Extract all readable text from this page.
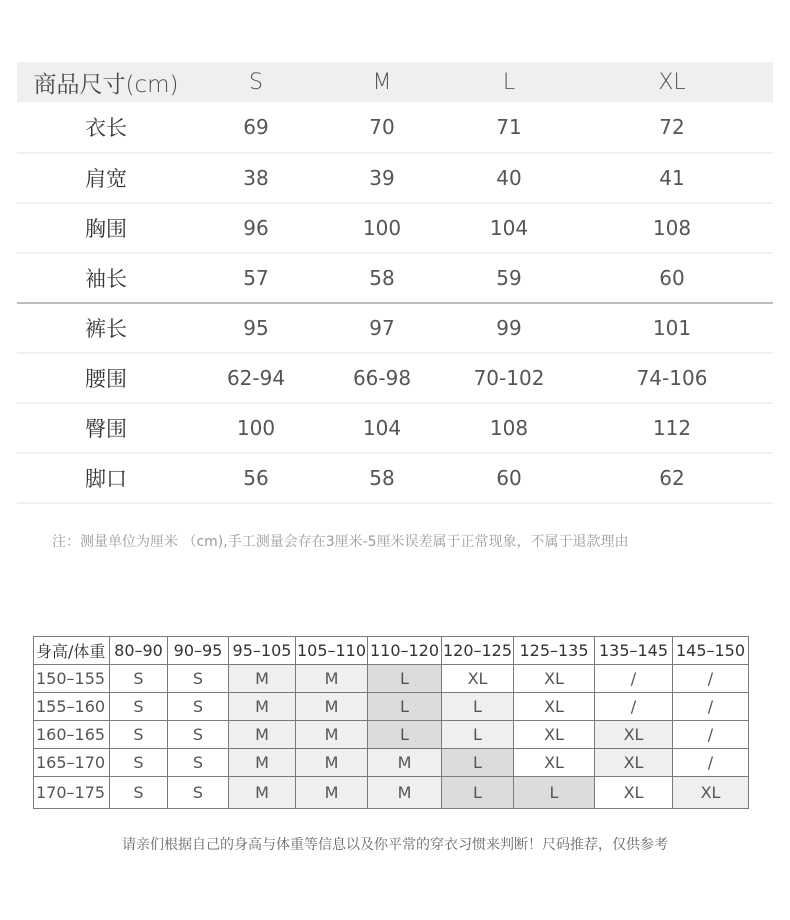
商品尺寸(cm)	S	M	L	XL
衣长	69	70	71	72
肩宽	38	39	40	41
胸围	96	100	104	108
袖长	57	58	59	60
裤长	95	97	99	101
腰围	62-94	66-98	70-102	74-106
臀围	100	104	108	112
脚口	56	58	60	62
注：测量单位为厘米 （cm),手工测量会存在3厘米-5厘米误差属于正常现象，不属于退款理由
身高/体重	80–90	90–95	95–105	105–110	110–120	120–125	125–135	135–145	145–150
150–155	S	S	M	M	L	XL	XL	/	/
155–160	S	S	M	M	L	L	XL	/	/
160–165	S	S	M	M	L	L	XL	XL	/
165–170	S	S	M	M	M	L	XL	XL	/
170–175	S	S	M	M	M	L	L	XL	XL
请亲们根据自己的身高与体重等信息以及你平常的穿衣习惯来判断！尺码推荐，仅供参考
